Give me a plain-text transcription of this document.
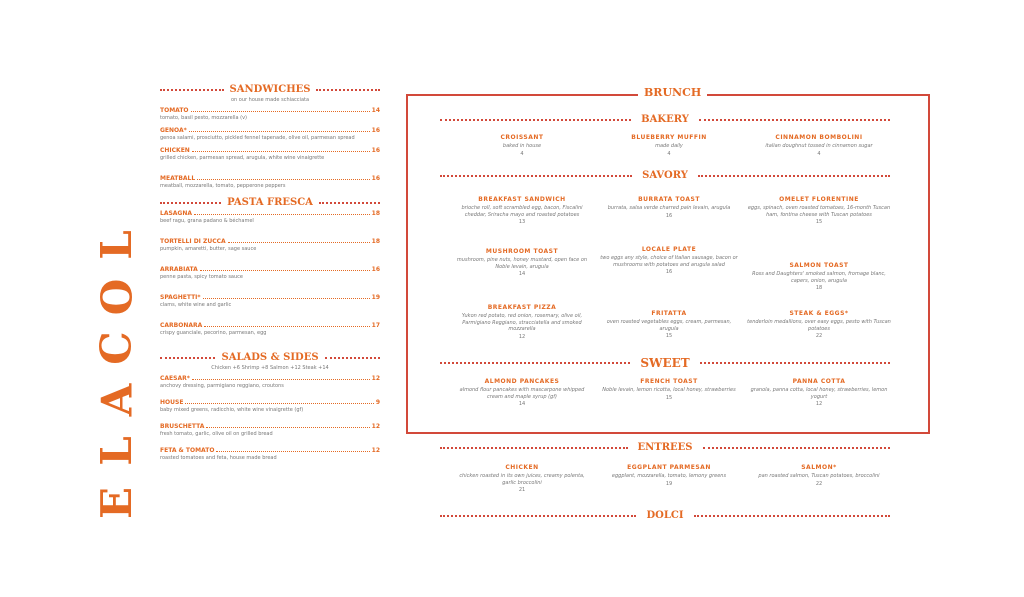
L
O
C
A
L
E
SANDWICHES
on our house made schiacciata
TOMATO	14
tomato, basil pesto, mozzarella (v)
GENOA*	16
genoa salami, prosciutto, pickled fennel tapenade, olive oil, parmesan spread
CHICKEN	16
grilled chicken, parmesan spread, arugula, white wine vinaigrette
MEATBALL	16
meatball, mozzarella, tomato, pepperone peppers
PASTA FRESCA
LASAGNA	18
beef ragu, grana padano & béchamel
TORTELLI DI ZUCCA	18
pumpkin, amaretti, butter, sage sauce
ARRABIATA	16
penne pasta, spicy tomato sauce
SPAGHETTI*	19
clams, white wine and garlic
CARBONARA	17
crispy guanciale, pecorino, parmesan, egg
SALADS & SIDES
Chicken +6 Shrimp +8 Salmon +12 Steak +14
CAESAR*	12
anchovy dressing, parmigiano reggiano, croutons
HOUSE	9
baby mixed greens, radicchio, white wine vinaigrette (gf)
BRUSCHETTA	12
fresh tomato, garlic, olive oil on grilled bread
FETA & TOMATO	12
roasted tomatoes and feta, house made bread
BRUNCH
BAKERY
CROISSANT
baked in house
4
BLUEBERRY MUFFIN
made daily
4
CINNAMON BOMBOLINI
italian doughnut tossed in cinnamon sugar
4
SAVORY
BREAKFAST SANDWICH
brioche roll, soft scrambled egg, bacon, Fiscalini cheddar, Sriracha mayo and roasted potatoes
13
BURRATA TOAST
burrata, salsa verde charred pain levain, arugula
16
OMELET FLORENTINE
eggs, spinach, oven roasted tomatoes, 16-month Tuscan ham, fontina cheese with Tuscan potatoes
15
MUSHROOM TOAST
mushroom, pine nuts, honey mustard, open face on Noble levain, arugula
14
LOCALE PLATE
two eggs any style, choice of Italian sausage, bacon or mushrooms with potatoes and arugula salad
16
SALMON TOAST
Ross and Daughters' smoked salmon, fromage blanc, capers, onion, arugula
18
BREAKFAST PIZZA
Yukon red potato, red onion, rosemary, olive oil, Parmigiano Reggiano, stracciatella and smoked mozzarella
12
FRITATTA
oven roasted vegetables eggs, cream, parmesan, arugula
15
STEAK & EGGS*
tenderloin medallions, over easy eggs, pesto with Tuscan potatoes
22
SWEET
ALMOND PANCAKES
almond flour pancakes with mascarpone whipped cream and maple syrup (gf)
14
FRENCH TOAST
Noble levain, lemon ricotta, local honey, strawberries
15
PANNA COTTA
granola, panna cotta, local honey, strawberries, lemon yogurt
12
ENTREES
CHICKEN
chicken roasted in its own juices, creamy polenta, garlic broccolini
21
EGGPLANT PARMESAN
eggplant, mozzarella, tomato, lemony greens
19
SALMON*
pan roasted salmon, Tuscan potatoes, broccolini
22
DOLCI
